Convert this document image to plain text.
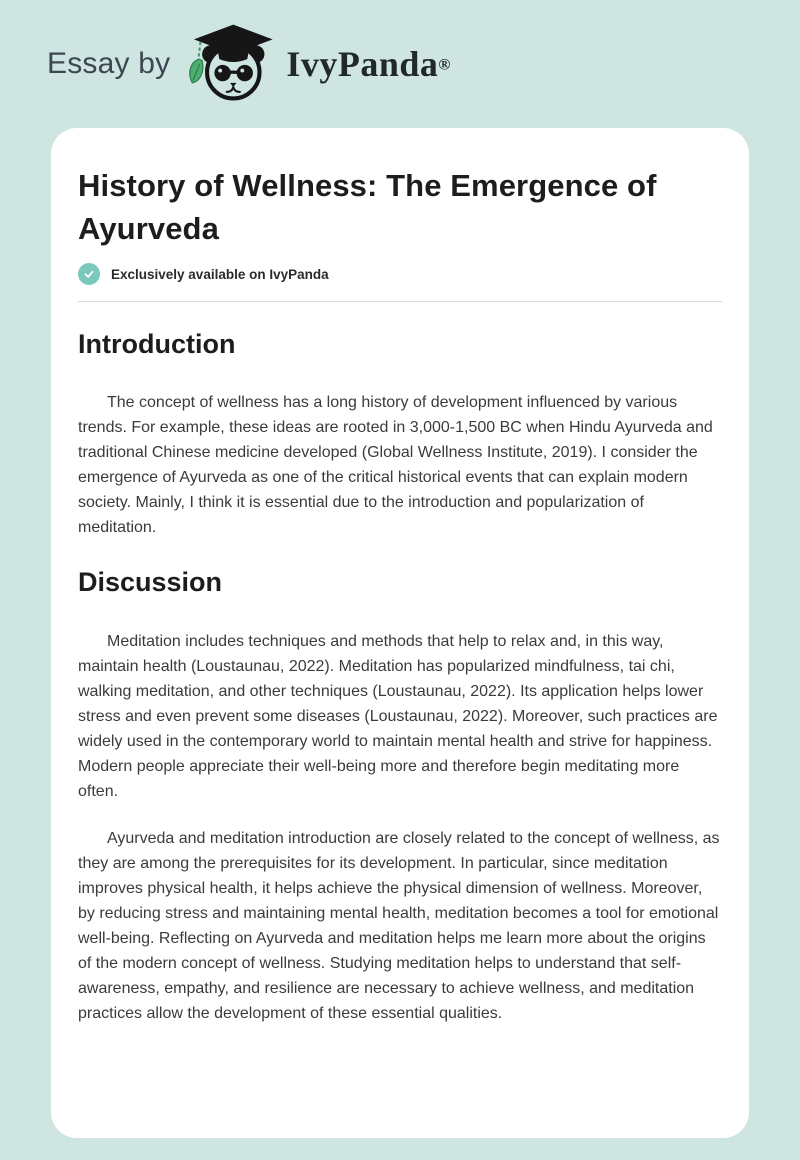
Essay by	IvyPanda®
History of Wellness: The Emergence of Ayurveda
Exclusively available on IvyPanda
Introduction

The concept of wellness has a long history of development influenced by various trends. For example, these ideas are rooted in 3,000-1,500 BC when Hindu Ayurveda and traditional Chinese medicine developed (Global Wellness Institute, 2019). I consider the emergence of Ayurveda as one of the critical historical events that can explain modern society. Mainly, I think it is essential due to the introduction and popularization of meditation.

Discussion

Meditation includes techniques and methods that help to relax and, in this way, maintain health (Loustaunau, 2022). Meditation has popularized mindfulness, tai chi, walking meditation, and other techniques (Loustaunau, 2022). Its application helps lower stress and even prevent some diseases (Loustaunau, 2022). Moreover, such practices are widely used in the contemporary world to maintain mental health and strive for happiness. Modern people appreciate their well-being more and therefore begin meditating more often.

Ayurveda and meditation introduction are closely related to the concept of wellness, as they are among the prerequisites for its development. In particular, since meditation improves physical health, it helps achieve the physical dimension of wellness. Moreover, by reducing stress and maintaining mental health, meditation becomes a tool for emotional well-being. Reflecting on Ayurveda and meditation helps me learn more about the origins of the modern concept of wellness. Studying meditation helps to understand that self-awareness, empathy, and resilience are necessary to achieve wellness, and meditation practices allow the development of these essential qualities.
